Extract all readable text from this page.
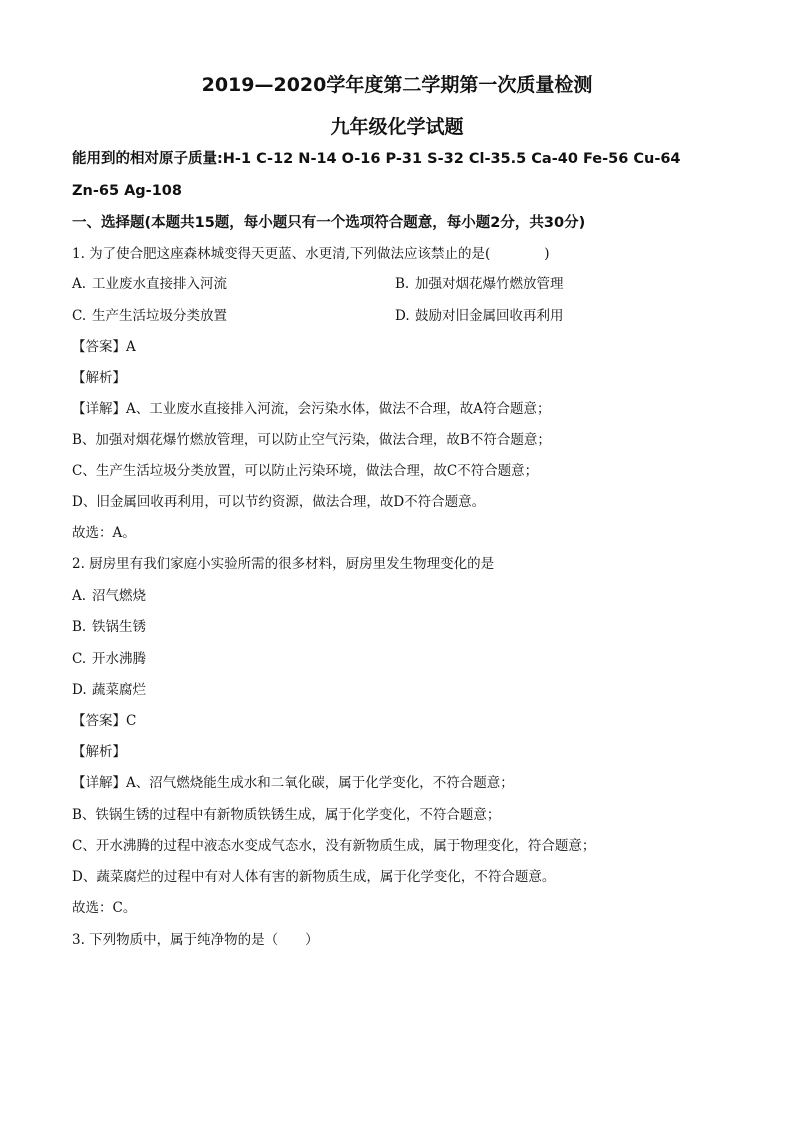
2019—2020学年度第二学期第一次质量检测
九年级化学试题

能用到的相对原子质量:H-1 C-12 N-14 O-16 P-31 S-32 Cl-35.5 Ca-40 Fe-56 Cu-64

Zn-65 Ag-108

一、选择题(本题共15题，每小题只有一个选项符合题意，每小题2分，共30分)

1. 为了使合肥这座森林城变得天更蓝、水更清,下列做法应该禁止的是(　　　　)

A. 工业废水直接排入河流	B. 加强对烟花爆竹燃放管理

C. 生产生活垃圾分类放置	D. 鼓励对旧金属回收再利用

【答案】A

【解析】

【详解】A、工业废水直接排入河流，会污染水体，做法不合理，故A符合题意；

B、加强对烟花爆竹燃放管理，可以防止空气污染，做法合理，故B不符合题意；

C、生产生活垃圾分类放置，可以防止污染环境，做法合理，故C不符合题意；

D、旧金属回收再利用，可以节约资源，做法合理，故D不符合题意。

故选：A。

2. 厨房里有我们家庭小实验所需的很多材料，厨房里发生物理变化的是

A. 沼气燃烧

B. 铁锅生锈

C. 开水沸腾

D. 蔬菜腐烂

【答案】C

【解析】

【详解】A、沼气燃烧能生成水和二氧化碳，属于化学变化，不符合题意；

B、铁锅生锈的过程中有新物质铁锈生成，属于化学变化，不符合题意；

C、开水沸腾的过程中液态水变成气态水，没有新物质生成，属于物理变化，符合题意；

D、蔬菜腐烂的过程中有对人体有害的新物质生成，属于化学变化，不符合题意。

故选：C。

3. 下列物质中，属于纯净物的是（　　）
